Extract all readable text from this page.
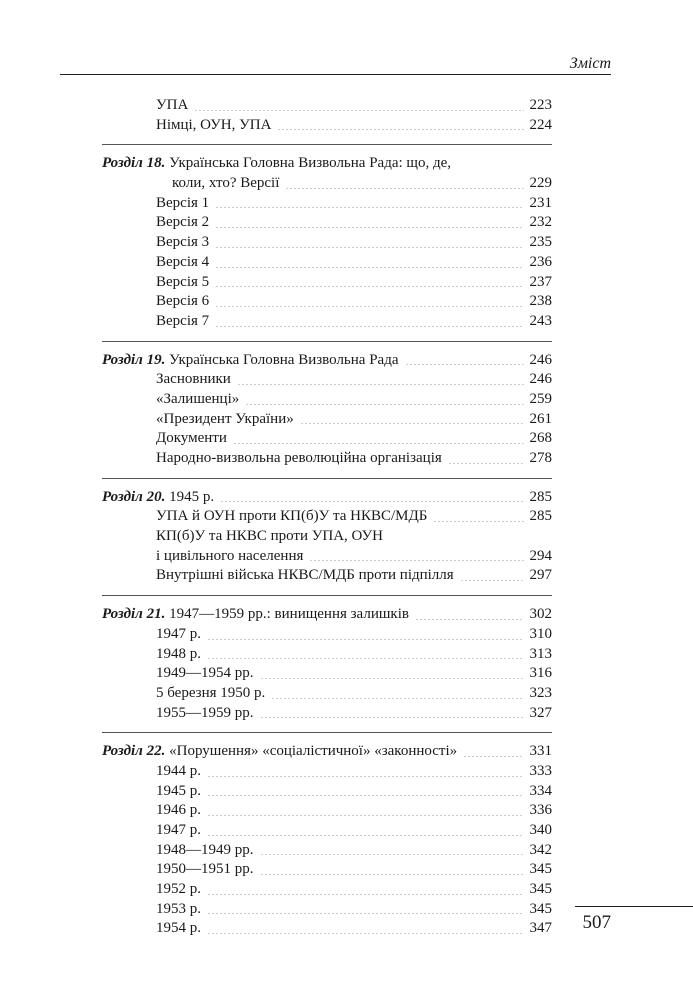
Зміст
УПА	223
Німці, ОУН, УПА	224
Розділ 18. Українська Головна Визвольна Рада: що, де,
коли, хто? Версії	229
Версія 1	231
Версія 2	232
Версія 3	235
Версія 4	236
Версія 5	237
Версія 6	238
Версія 7	243
Розділ 19. Українська Головна Визвольна Рада	246
Засновники	246
«Залишенці»	259
«Президент України»	261
Документи	268
Народно-визвольна революційна організація	278
Розділ 20. 1945 р.	285
УПА й ОУН проти КП(б)У та НКВС/МДБ	285
КП(б)У та НКВС проти УПА, ОУН
і цивільного населення	294
Внутрішні війська НКВС/МДБ проти підпілля	297
Розділ 21. 1947—1959 рр.: винищення залишків	302
1947 р.	310
1948 р.	313
1949—1954 рр.	316
5 березня 1950 р.	323
1955—1959 рр.	327
Розділ 22. «Порушення» «соціалістичної» «законності»	331
1944 р.	333
1945 р.	334
1946 р.	336
1947 р.	340
1948—1949 рр.	342
1950—1951 рр.	345
1952 р.	345
1953 р.	345
1954 р.	347 507
